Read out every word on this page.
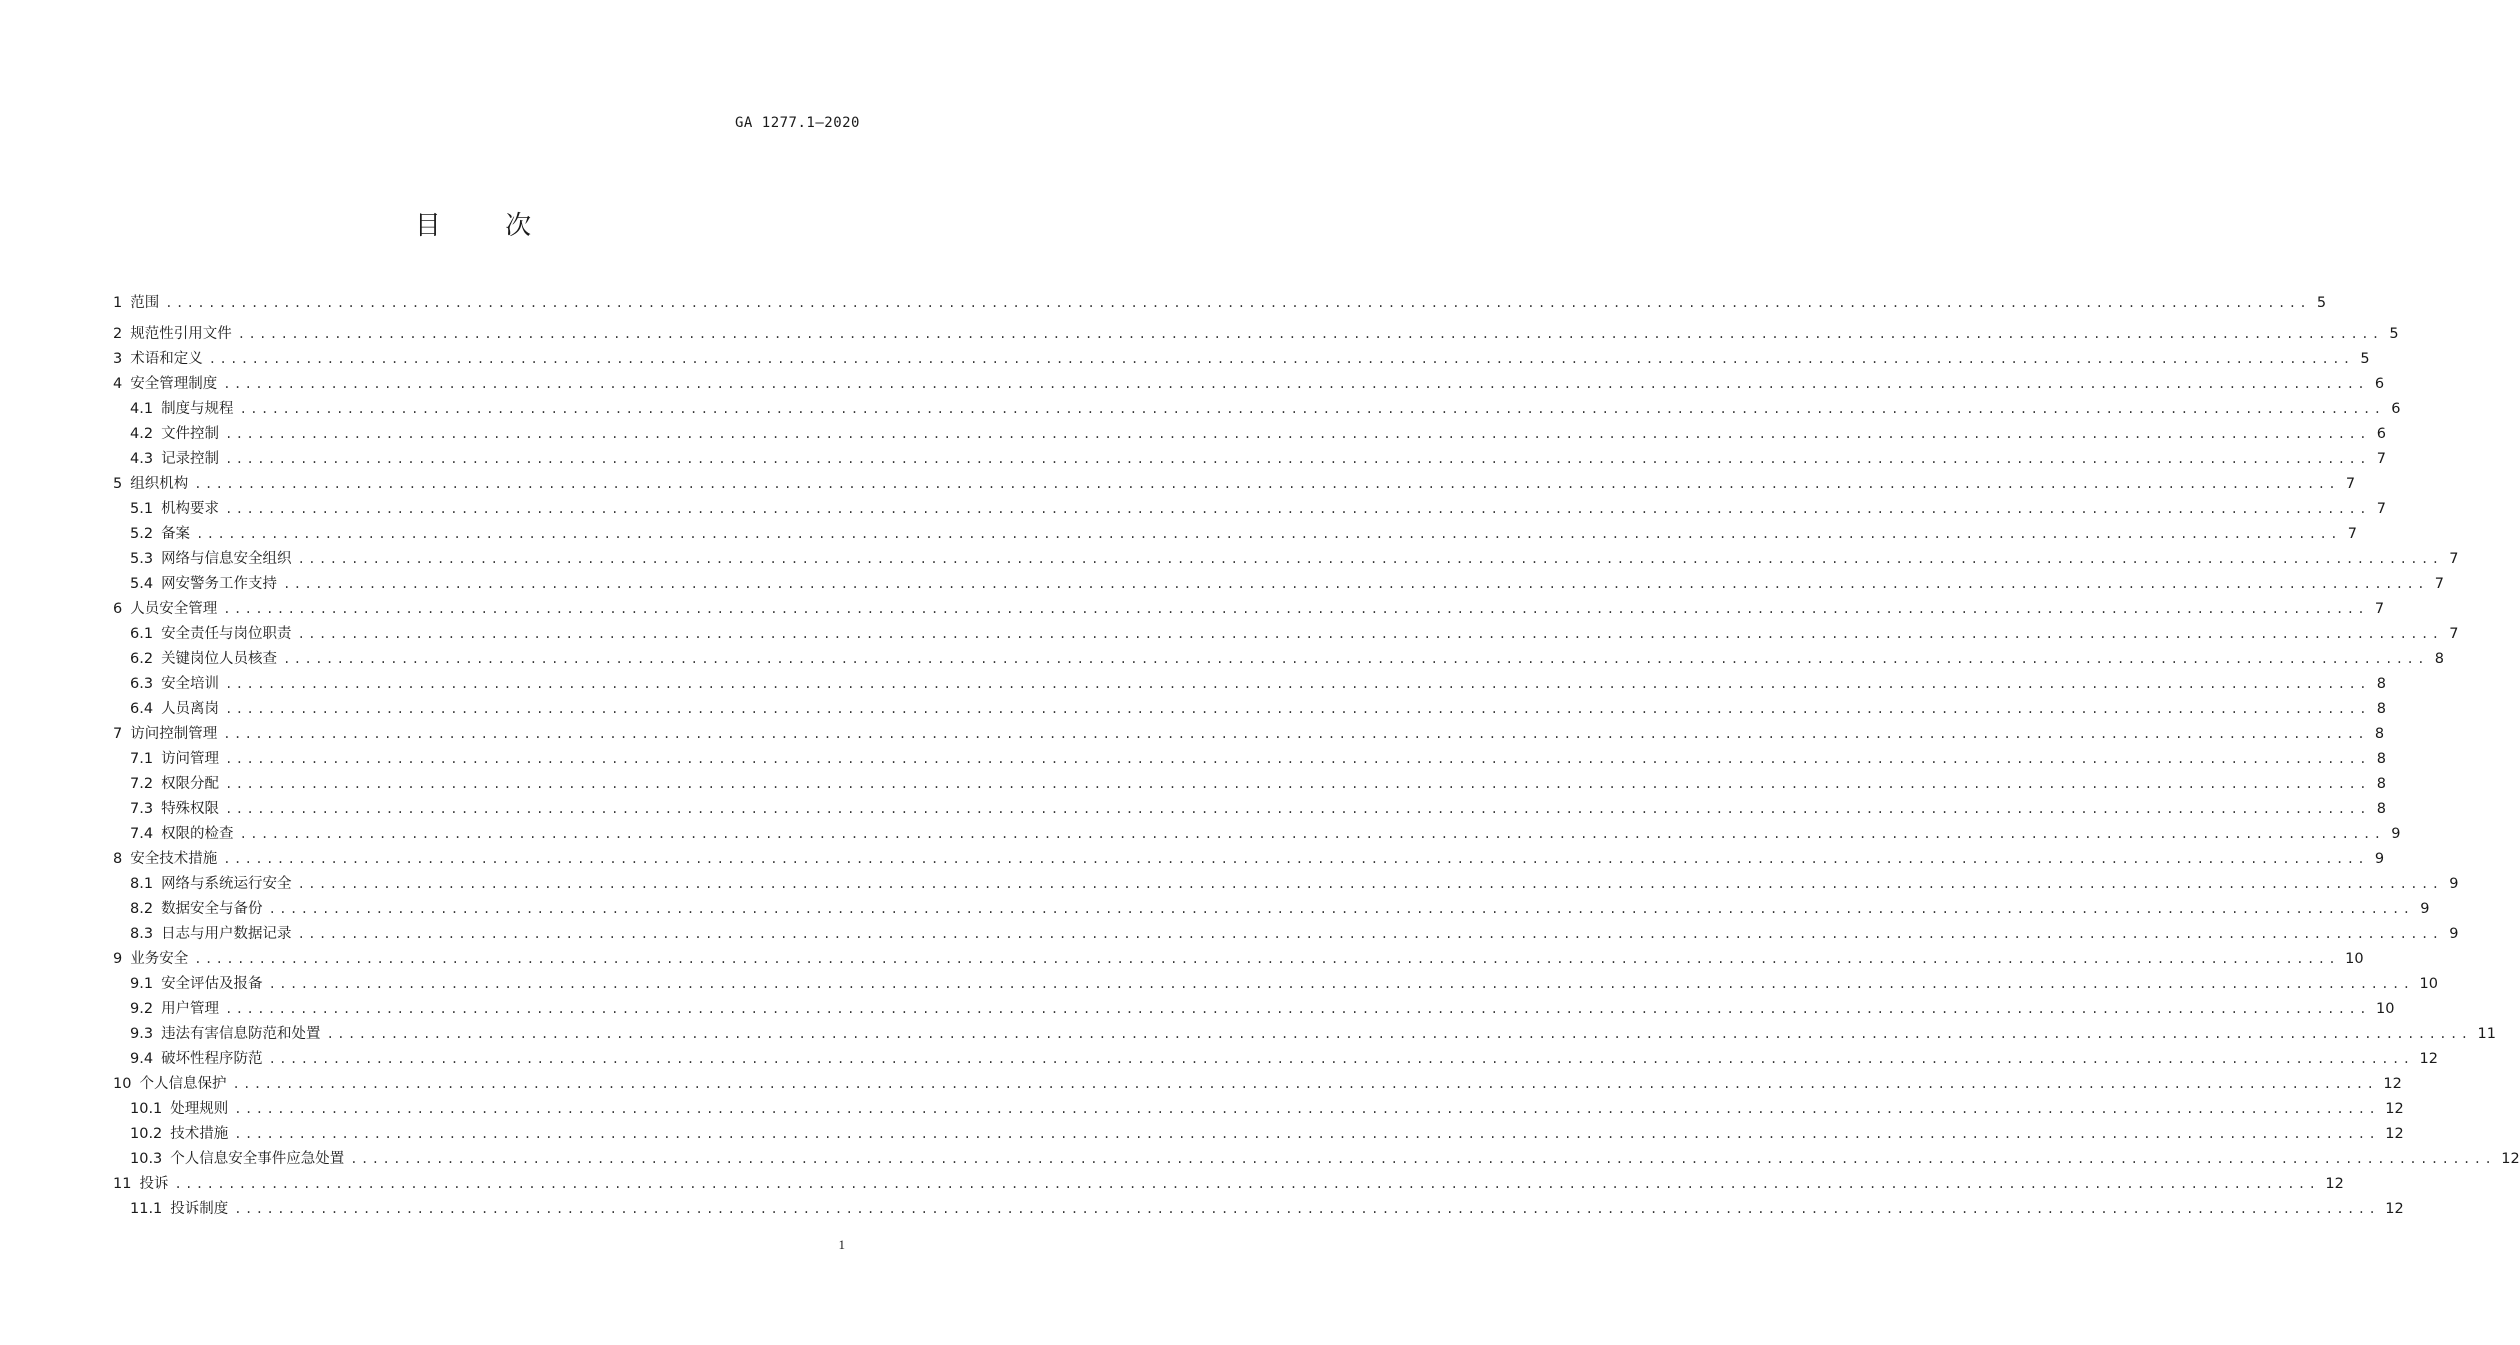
GA 1277.1—2020
目 次
1 范围 ........................................................................................................................................................................................................ 5
2 规范性引用文件 ........................................................................................................................................................................................................ 5
3 术语和定义 ........................................................................................................................................................................................................ 5
4 安全管理制度 ........................................................................................................................................................................................................ 6
4.1 制度与规程 ........................................................................................................................................................................................................ 6
4.2 文件控制 ........................................................................................................................................................................................................ 6
4.3 记录控制 ........................................................................................................................................................................................................ 7
5 组织机构 ........................................................................................................................................................................................................ 7
5.1 机构要求 ........................................................................................................................................................................................................ 7
5.2 备案 ........................................................................................................................................................................................................ 7
5.3 网络与信息安全组织 ........................................................................................................................................................................................................ 7
5.4 网安警务工作支持 ........................................................................................................................................................................................................ 7
6 人员安全管理 ........................................................................................................................................................................................................ 7
6.1 安全责任与岗位职责 ........................................................................................................................................................................................................ 7
6.2 关键岗位人员核查 ........................................................................................................................................................................................................ 8
6.3 安全培训 ........................................................................................................................................................................................................ 8
6.4 人员离岗 ........................................................................................................................................................................................................ 8
7 访问控制管理 ........................................................................................................................................................................................................ 8
7.1 访问管理 ........................................................................................................................................................................................................ 8
7.2 权限分配 ........................................................................................................................................................................................................ 8
7.3 特殊权限 ........................................................................................................................................................................................................ 8
7.4 权限的检查 ........................................................................................................................................................................................................ 9
8 安全技术措施 ........................................................................................................................................................................................................ 9
8.1 网络与系统运行安全 ........................................................................................................................................................................................................ 9
8.2 数据安全与备份 ........................................................................................................................................................................................................ 9
8.3 日志与用户数据记录 ........................................................................................................................................................................................................ 9
9 业务安全 ........................................................................................................................................................................................................ 10
9.1 安全评估及报备 ........................................................................................................................................................................................................ 10
9.2 用户管理 ........................................................................................................................................................................................................ 10
9.3 违法有害信息防范和处置 ........................................................................................................................................................................................................ 11
9.4 破坏性程序防范 ........................................................................................................................................................................................................ 12
10 个人信息保护 ........................................................................................................................................................................................................ 12
10.1 处理规则 ........................................................................................................................................................................................................ 12
10.2 技术措施 ........................................................................................................................................................................................................ 12
10.3 个人信息安全事件应急处置 ........................................................................................................................................................................................................ 12
11 投诉 ........................................................................................................................................................................................................ 12
11.1 投诉制度 ........................................................................................................................................................................................................ 12
1
